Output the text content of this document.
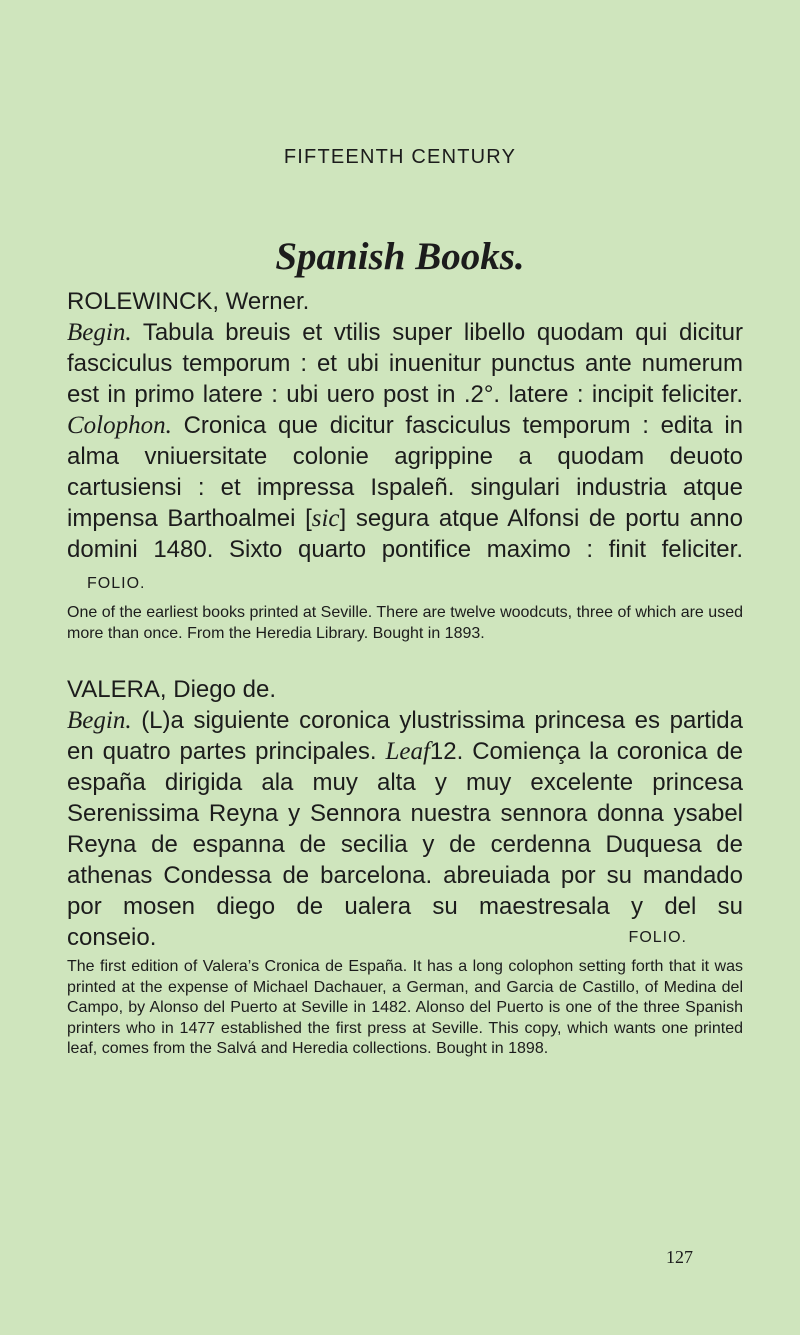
FIFTEENTH CENTURY
Spanish Books.
ROLEWINCK, Werner.
Begin. Tabula breuis et vtilis super libello quodam qui dicitur fasciculus temporum : et ubi inuenitur punctus ante numerum est in primo latere : ubi uero post in .2°. latere : incipit feliciter. Colophon. Cronica que dicitur fasciculus temporum : edita in alma vniuersitate colonie agrippine a quodam deuoto cartusiensi : et impressa Ispaleñ. singulari industria atque impensa Barthoalmei [sic] segura atque Alfonsi de portu anno domini 1480. Sixto quarto pontifice maximo : finit feliciter.    FOLIO.
One of the earliest books printed at Seville. There are twelve woodcuts, three of which are used more than once. From the Heredia Library. Bought in 1893.
VALERA, Diego de.
Begin. (L)a siguiente coronica ylustrissima princesa es partida en quatro partes principales. Leaf12. Comiença la coronica de españa dirigida ala muy alta y muy excelente princesa Serenissima Reyna y Sennora nuestra sennora donna ysabel Reyna de espanna de secilia y de cerdenna Duquesa de athenas Condessa de barcelona. abreuiada por su mandado por mosen diego de ualera su maestresala y del su
conseio.	FOLIO.
The first edition of Valera’s Cronica de España. It has a long colophon setting forth that it was printed at the expense of Michael Dachauer, a German, and Garcia de Castillo, of Medina del Campo, by Alonso del Puerto at Seville in 1482. Alonso del Puerto is one of the three Spanish printers who in 1477 established the first press at Seville. This copy, which wants one printed leaf, comes from the Salvá and Heredia collections. Bought in 1898.
127
